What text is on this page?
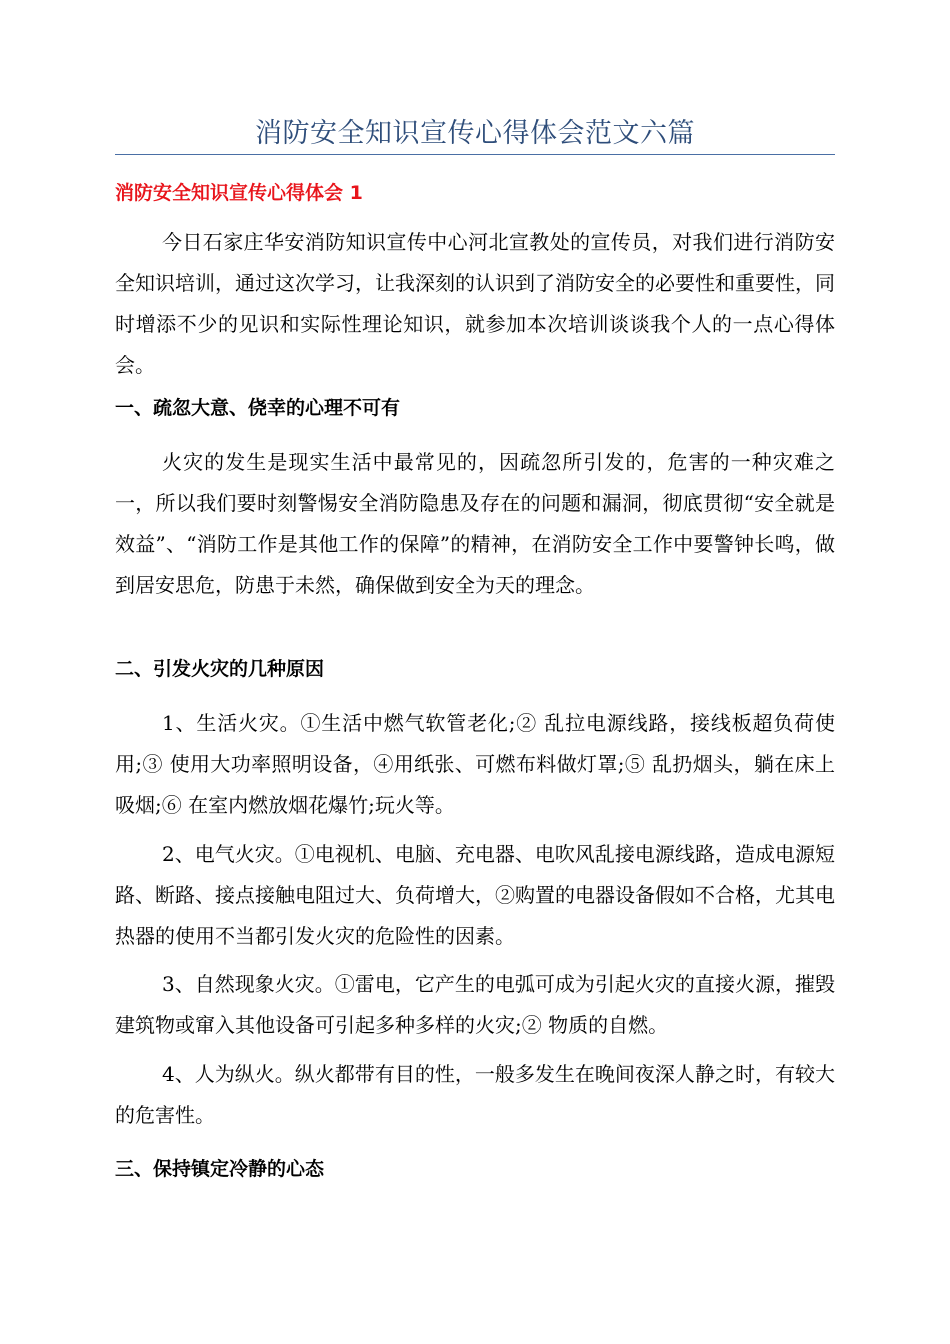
消防安全知识宣传心得体会范文六篇
消防安全知识宣传心得体会 1
今日石家庄华安消防知识宣传中心河北宣教处的宣传员，对我们进行消防安全知识培训，通过这次学习，让我深刻的认识到了消防安全的必要性和重要性，同时增添不少的见识和实际性理论知识，就参加本次培训谈谈我个人的一点心得体会。
一、疏忽大意、侥幸的心理不可有
火灾的发生是现实生活中最常见的，因疏忽所引发的，危害的一种灾难之一，所以我们要时刻警惕安全消防隐患及存在的问题和漏洞，彻底贯彻“安全就是效益”、“消防工作是其他工作的保障”的精神，在消防安全工作中要警钟长鸣，做到居安思危，防患于未然，确保做到安全为天的理念。
二、引发火灾的几种原因
1、生活火灾。①生活中燃气软管老化;② 乱拉电源线路，接线板超负荷使用;③ 使用大功率照明设备，④用纸张、可燃布料做灯罩;⑤ 乱扔烟头，躺在床上吸烟;⑥ 在室内燃放烟花爆竹;玩火等。
2、电气火灾。①电视机、电脑、充电器、电吹风乱接电源线路，造成电源短路、断路、接点接触电阻过大、负荷增大，②购置的电器设备假如不合格，尤其电热器的使用不当都引发火灾的危险性的因素。
3、自然现象火灾。①雷电，它产生的电弧可成为引起火灾的直接火源，摧毁建筑物或窜入其他设备可引起多种多样的火灾;② 物质的自燃。
4、人为纵火。纵火都带有目的性，一般多发生在晚间夜深人静之时，有较大的危害性。
三、保持镇定冷静的心态
